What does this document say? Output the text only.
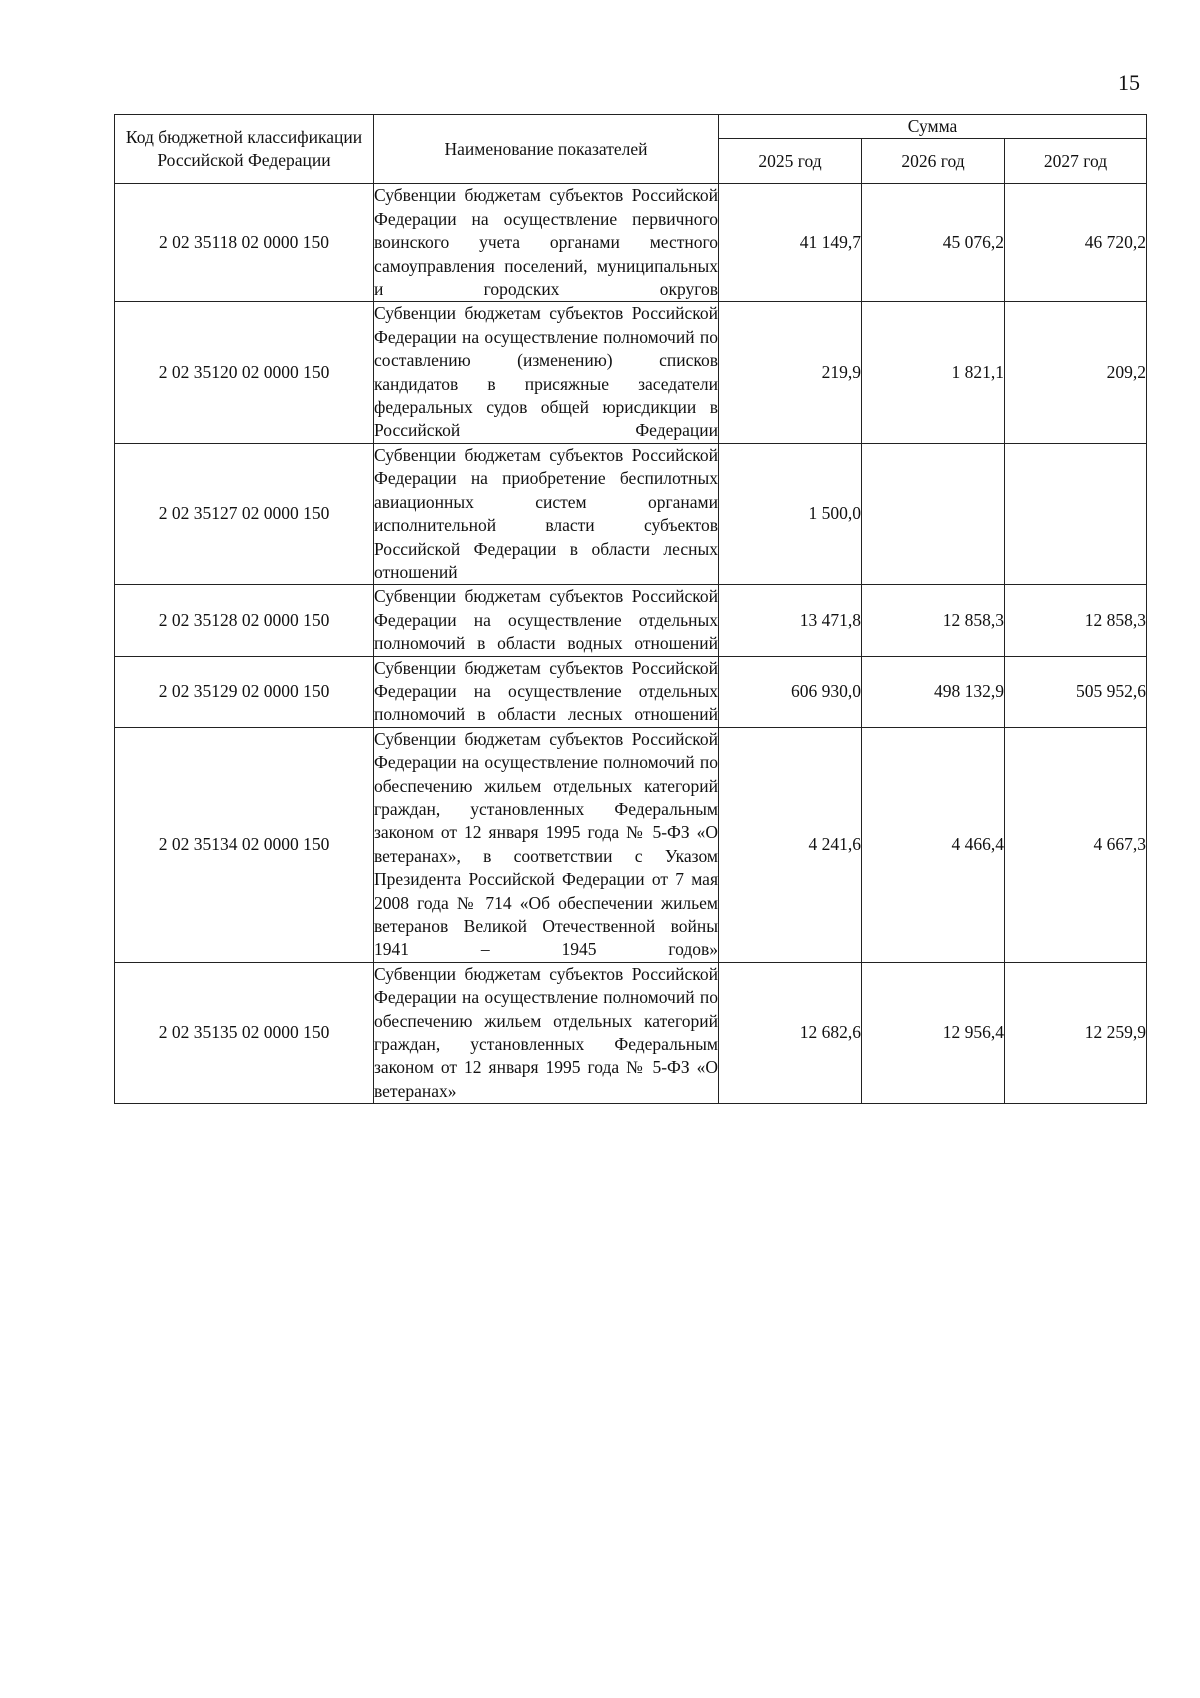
15
Код бюджетной классификации Российской Федерации	Наименование показателей	Сумма		
		2025 год	2026 год	2027 год
2 02 35118 02 0000 150	Субвенции бюджетам субъектов Российской Федерации на осуществление первичного воинского учета органами местного самоуправления поселений, муниципальных и городских округов	41 149,7	45 076,2	46 720,2
2 02 35120 02 0000 150	Субвенции бюджетам субъектов Российской Федерации на осуществление полномочий по составлению (изменению) списков кандидатов в присяжные заседатели федеральных судов общей юрисдикции в Российской Федерации	219,9	1 821,1	209,2
2 02 35127 02 0000 150	Субвенции бюджетам субъектов Российской Федерации на приобретение беспилотных авиационных систем органами исполнительной власти субъектов Российской Федерации в области лесных отношений	1 500,0		
2 02 35128 02 0000 150	Субвенции бюджетам субъектов Российской Федерации на осуществление отдельных полномочий в области водных отношений	13 471,8	12 858,3	12 858,3
2 02 35129 02 0000 150	Субвенции бюджетам субъектов Российской Федерации на осуществление отдельных полномочий в области лесных отношений	606 930,0	498 132,9	505 952,6
2 02 35134 02 0000 150	Субвенции бюджетам субъектов Российской Федерации на осуществление полномочий по обеспечению жильем отдельных категорий граждан, установленных Федеральным законом от 12 января 1995 года № 5-ФЗ «О ветеранах», в соответствии с Указом Президента Российской Федерации от 7 мая 2008 года № 714 «Об обеспечении жильем ветеранов Великой Отечественной войны 1941 – 1945 годов»	4 241,6	4 466,4	4 667,3
2 02 35135 02 0000 150	Субвенции бюджетам субъектов Российской Федерации на осуществление полномочий по обеспечению жильем отдельных категорий граждан, установленных Федеральным законом от 12 января 1995 года № 5-ФЗ «О ветеранах»	12 682,6	12 956,4	12 259,9
